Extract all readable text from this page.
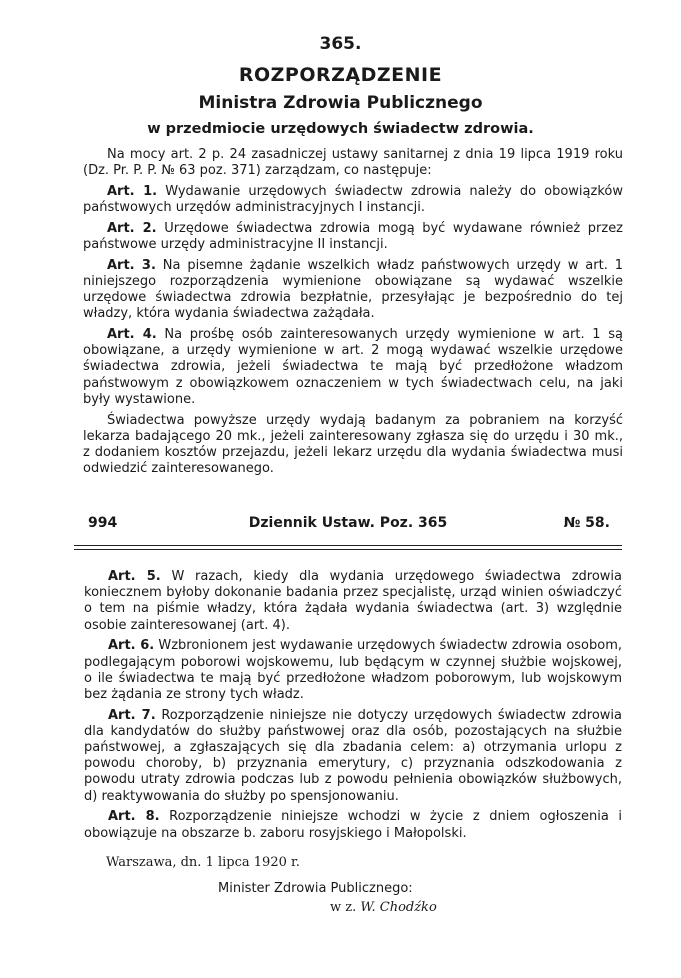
365.
ROZPORZĄDZENIE
Ministra Zdrowia Publicznego
w przedmiocie urzędowych świadectw zdrowia.

Na mocy art. 2 p. 24 zasadniczej ustawy sanitarnej z dnia 19 lipca 1919 roku (Dz. Pr. P. P. № 63 poz. 371) zarządzam, co następuje:

Art. 1. Wydawanie urzędowych świadectw zdrowia należy do obowiązków państwowych urzędów administracyjnych I instancji.

Art. 2. Urzędowe świadectwa zdrowia mogą być wydawane również przez państwowe urzędy administracyjne II instancji.

Art. 3. Na pisemne żądanie wszelkich władz państwowych urzędy w art. 1 niniejszego rozporządzenia wymienione obowiązane są wydawać wszelkie urzędowe świadectwa zdrowia bezpłatnie, przesyłając je bezpośrednio do tej władzy, która wydania świadectwa zażądała.

Art. 4. Na prośbę osób zainteresowanych urzędy wymienione w art. 1 są obowiązane, a urzędy wymienione w art. 2 mogą wydawać wszelkie urzędowe świadectwa zdrowia, jeżeli świadectwa te mają być przedłożone władzom państwowym z obowiązkowem oznaczeniem w tych świadectwach celu, na jaki były wystawione.

Świadectwa powyższe urzędy wydają badanym za pobraniem na korzyść lekarza badającego 20 mk., jeżeli zainteresowany zgłasza się do urzędu i 30 mk., z dodaniem kosztów przejazdu, jeżeli lekarz urzędu dla wydania świadectwa musi odwiedzić zainteresowanego.

994	Dziennik Ustaw. Poz. 365	№ 58.

Art. 5. W razach, kiedy dla wydania urzędowego świadectwa zdrowia koniecznem byłoby dokonanie badania przez specjalistę, urząd winien oświadczyć o tem na piśmie władzy, która żądała wydania świadectwa (art. 3) względnie osobie zainteresowanej (art. 4).

Art. 6. Wzbronionem jest wydawanie urzędowych świadectw zdrowia osobom, podlegającym poborowi wojskowemu, lub będącym w czynnej służbie wojskowej, o ile świadectwa te mają być przedłożone władzom poborowym, lub wojskowym bez żądania ze strony tych władz.

Art. 7. Rozporządzenie niniejsze nie dotyczy urzędowych świadectw zdrowia dla kandydatów do służby państwowej oraz dla osób, pozostających na służbie państwowej, a zgłaszających się dla zbadania celem: a) otrzymania urlopu z powodu choroby, b) przyznania emerytury, c) przyznania odszkodowania z powodu utraty zdrowia podczas lub z powodu pełnienia obowiązków służbowych, d) reaktywowania do służby po spensjonowaniu.

Art. 8. Rozporządzenie niniejsze wchodzi w życie z dniem ogłoszenia i obowiązuje na obszarze b. zaboru rosyjskiego i Małopolski.

Warszawa, dn. 1 lipca 1920 r.
Minister Zdrowia Publicznego:
w z. W. Chodźko
